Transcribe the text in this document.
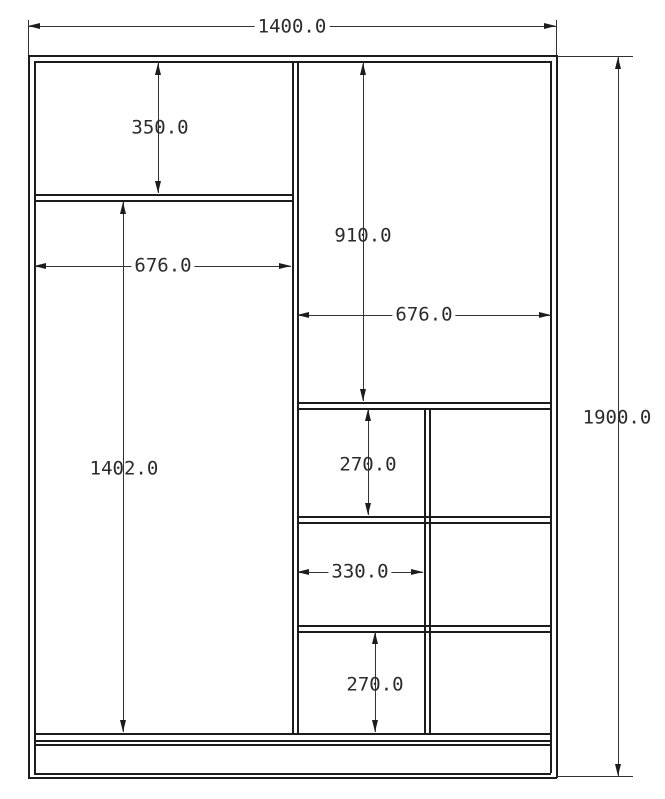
1400.0
1900.0
350.0
676.0
1402.0
910.0
676.0
270.0
330.0
270.0
